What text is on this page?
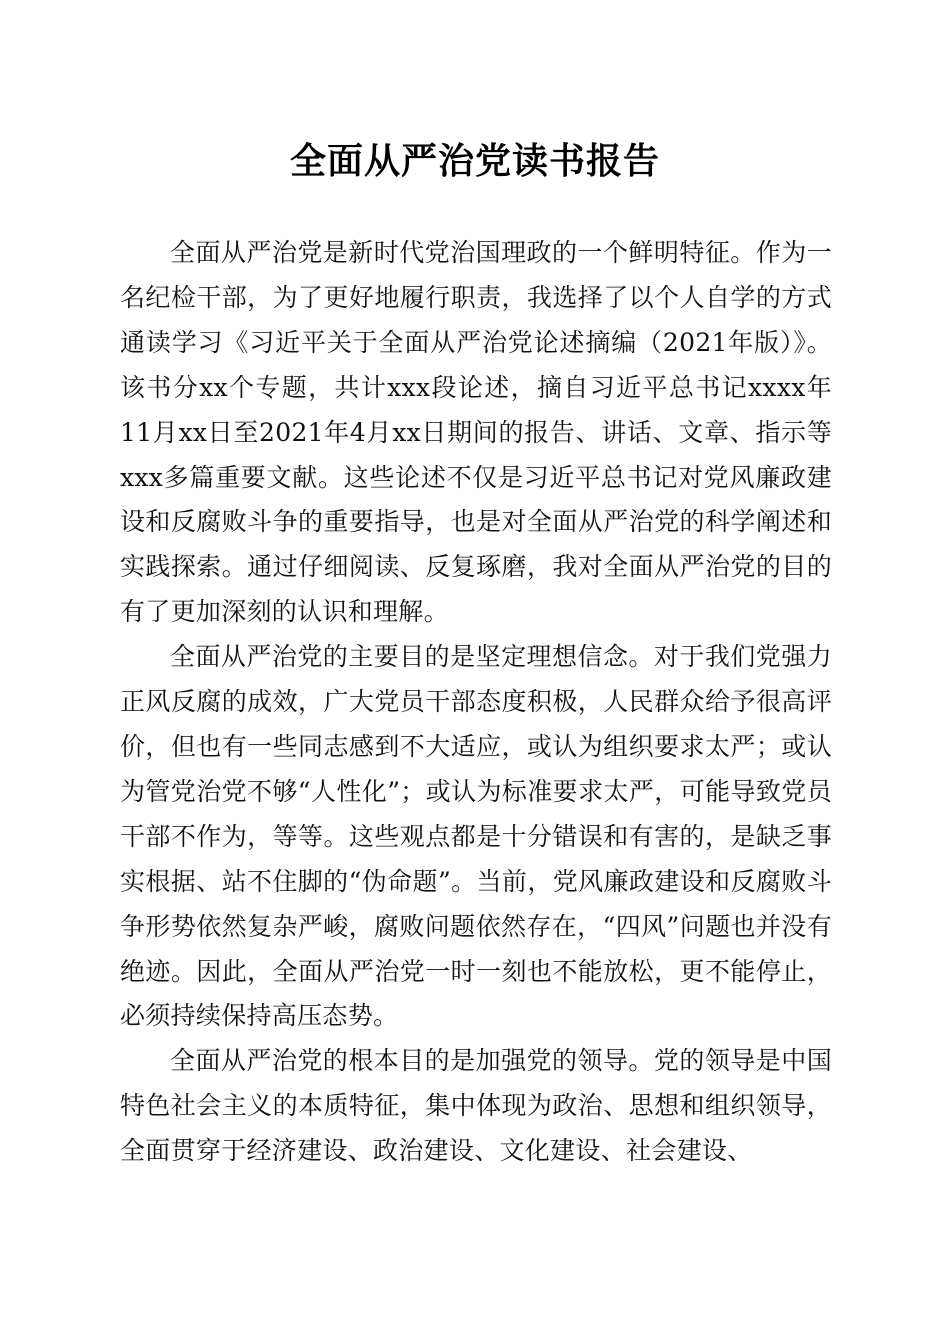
全面从严治党读书报告

全面从严治党是新时代党治国理政的一个鲜明特征。作为一名纪检干部，为了更好地履行职责，我选择了以个人自学的方式通读学习《习近平关于全面从严治党论述摘编（2021年版）》。该书分xx个专题，共计xxx段论述，摘自习近平总书记xxxx年11月xx日至2021年4月xx日期间的报告、讲话、文章、指示等xxx多篇重要文献。这些论述不仅是习近平总书记对党风廉政建设和反腐败斗争的重要指导，也是对全面从严治党的科学阐述和实践探索。通过仔细阅读、反复琢磨，我对全面从严治党的目的有了更加深刻的认识和理解。

全面从严治党的主要目的是坚定理想信念。对于我们党强力正风反腐的成效，广大党员干部态度积极，人民群众给予很高评价，但也有一些同志感到不大适应，或认为组织要求太严；或认为管党治党不够“人性化”；或认为标准要求太严，可能导致党员干部不作为，等等。这些观点都是十分错误和有害的，是缺乏事实根据、站不住脚的“伪命题”。当前，党风廉政建设和反腐败斗争形势依然复杂严峻，腐败问题依然存在，“四风”问题也并没有绝迹。因此，全面从严治党一时一刻也不能放松，更不能停止，必须持续保持高压态势。

全面从严治党的根本目的是加强党的领导。党的领导是中国特色社会主义的本质特征，集中体现为政治、思想和组织领导，全面贯穿于经济建设、政治建设、文化建设、社会建设、
